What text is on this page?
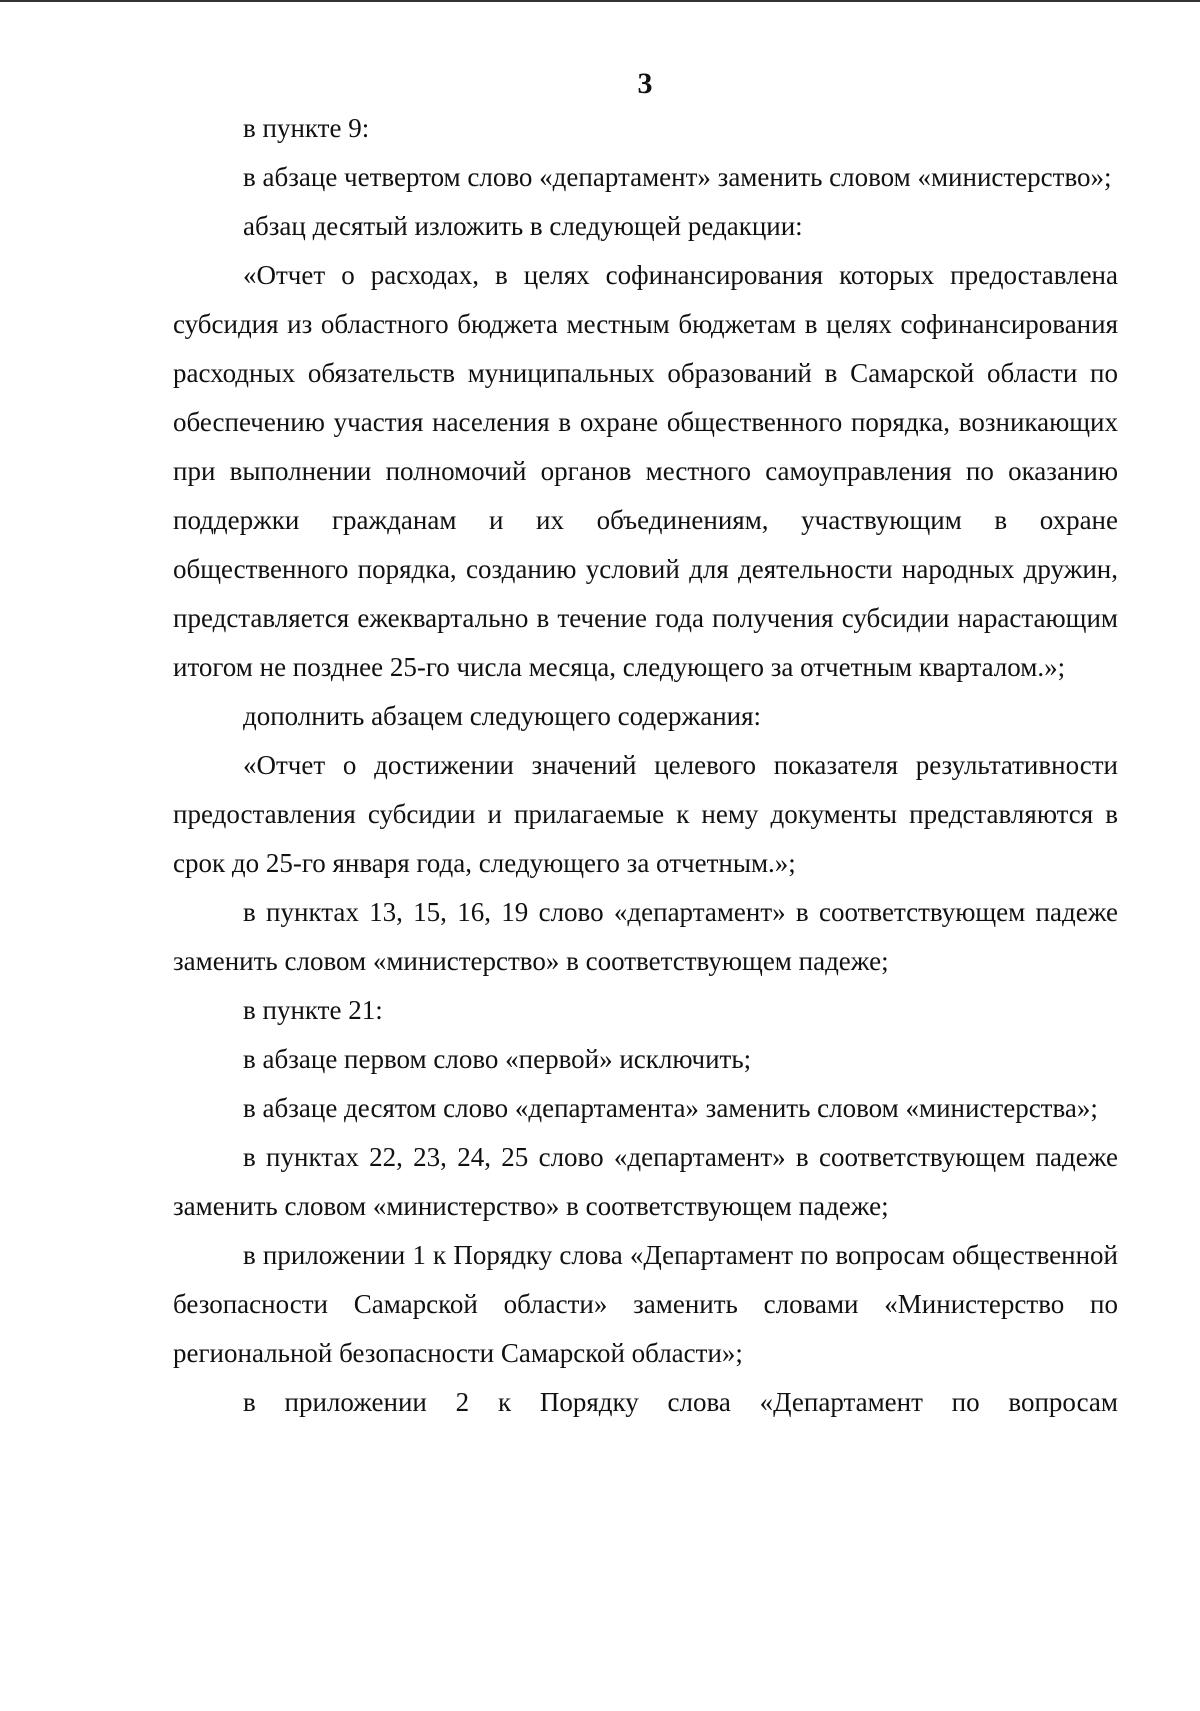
3

в пункте 9:

в абзаце четвертом слово «департамент» заменить словом «министерство»;

абзац десятый изложить в следующей редакции:

«Отчет о расходах, в целях софинансирования которых предоставлена субсидия из областного бюджета местным бюджетам в целях софинансирования расходных обязательств муниципальных образований в Самарской области по обеспечению участия населения в охране общественного порядка, возникающих при выполнении полномочий органов местного самоуправления по оказанию поддержки гражданам и их объединениям, участвующим в охране общественного порядка, созданию условий для деятельности народных дружин, представляется ежеквартально в течение года получения субсидии нарастающим итогом не позднее 25-го числа месяца, следующего за отчетным кварталом.»;

дополнить абзацем следующего содержания:

«Отчет о достижении значений целевого показателя результативности предоставления субсидии и прилагаемые к нему документы представляются в срок до 25-го января года, следующего за отчетным.»;

в пунктах 13, 15, 16, 19 слово «департамент» в соответствующем падеже заменить словом «министерство» в соответствующем падеже;

в пункте 21:

в абзаце первом слово «первой» исключить;

в абзаце десятом слово «департамента» заменить словом «министерства»;

в пунктах 22, 23, 24, 25 слово «департамент» в соответствующем падеже заменить словом «министерство» в соответствующем падеже;

в приложении 1 к Порядку слова «Департамент по вопросам общественной безопасности Самарской области» заменить словами «Министерство по региональной безопасности Самарской области»;

в приложении 2 к Порядку слова «Департамент по вопросам
